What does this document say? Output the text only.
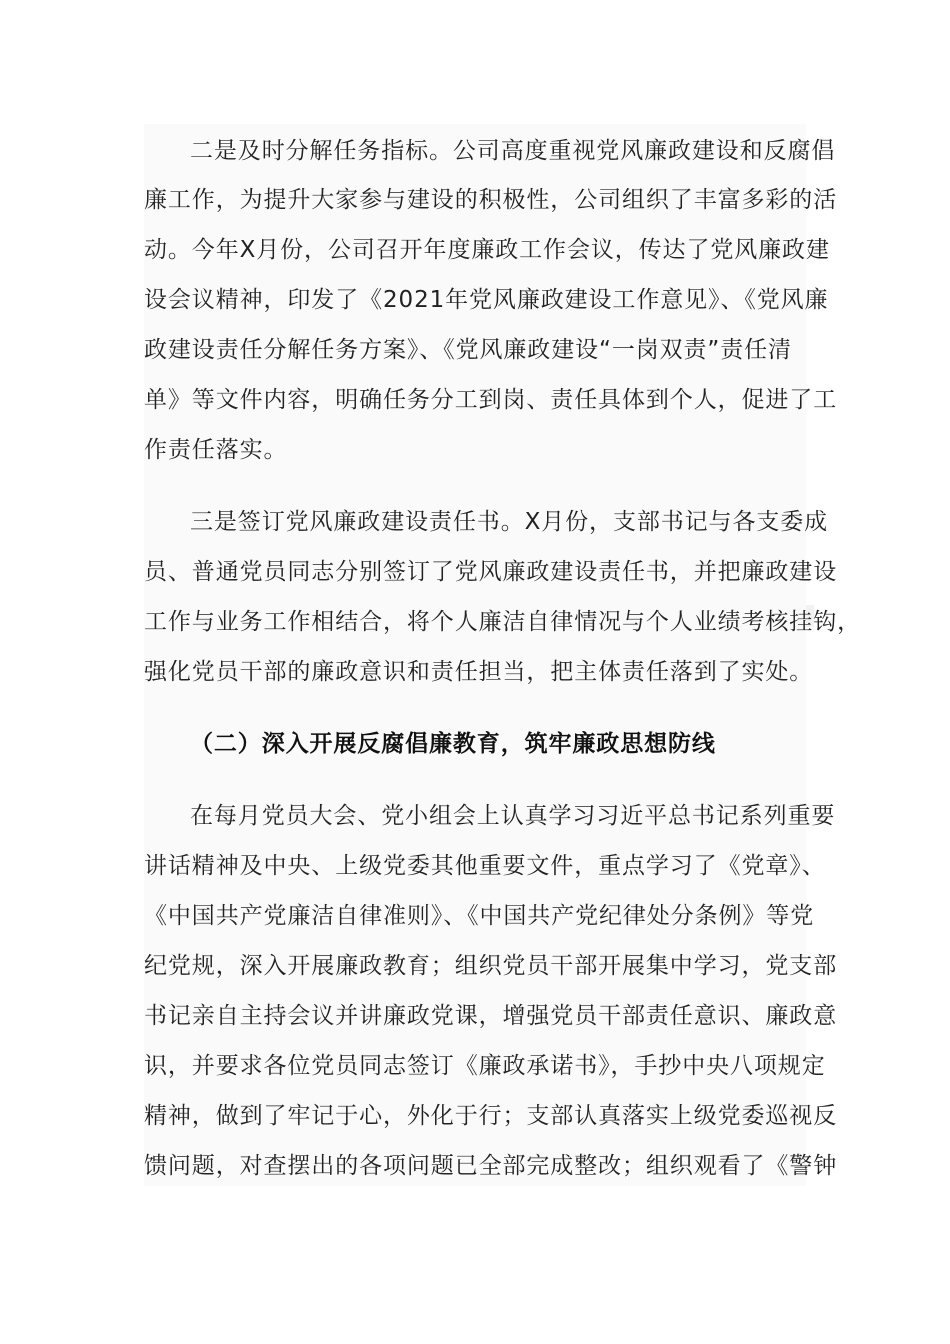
二是及时分解任务指标。公司高度重视党风廉政建设和反腐倡
廉工作，为提升大家参与建设的积极性，公司组织了丰富多彩的活
动。今年X月份，公司召开年度廉政工作会议，传达了党风廉政建
设会议精神，印发了《2021年党风廉政建设工作意见》、《党风廉
政建设责任分解任务方案》、《党风廉政建设“一岗双责”责任清
单》等文件内容，明确任务分工到岗、责任具体到个人，促进了工
作责任落实。
三是签订党风廉政建设责任书。X月份，支部书记与各支委成
员、普通党员同志分别签订了党风廉政建设责任书，并把廉政建设
工作与业务工作相结合，将个人廉洁自律情况与个人业绩考核挂钩，
强化党员干部的廉政意识和责任担当，把主体责任落到了实处。
（二）深入开展反腐倡廉教育，筑牢廉政思想防线
在每月党员大会、党小组会上认真学习习近平总书记系列重要
讲话精神及中央、上级党委其他重要文件，重点学习了《党章》、
《中国共产党廉洁自律准则》、《中国共产党纪律处分条例》等党
纪党规，深入开展廉政教育；组织党员干部开展集中学习，党支部
书记亲自主持会议并讲廉政党课，增强党员干部责任意识、廉政意
识，并要求各位党员同志签订《廉政承诺书》，手抄中央八项规定
精神，做到了牢记于心，外化于行；支部认真落实上级党委巡视反
馈问题，对查摆出的各项问题已全部完成整改；组织观看了《警钟
